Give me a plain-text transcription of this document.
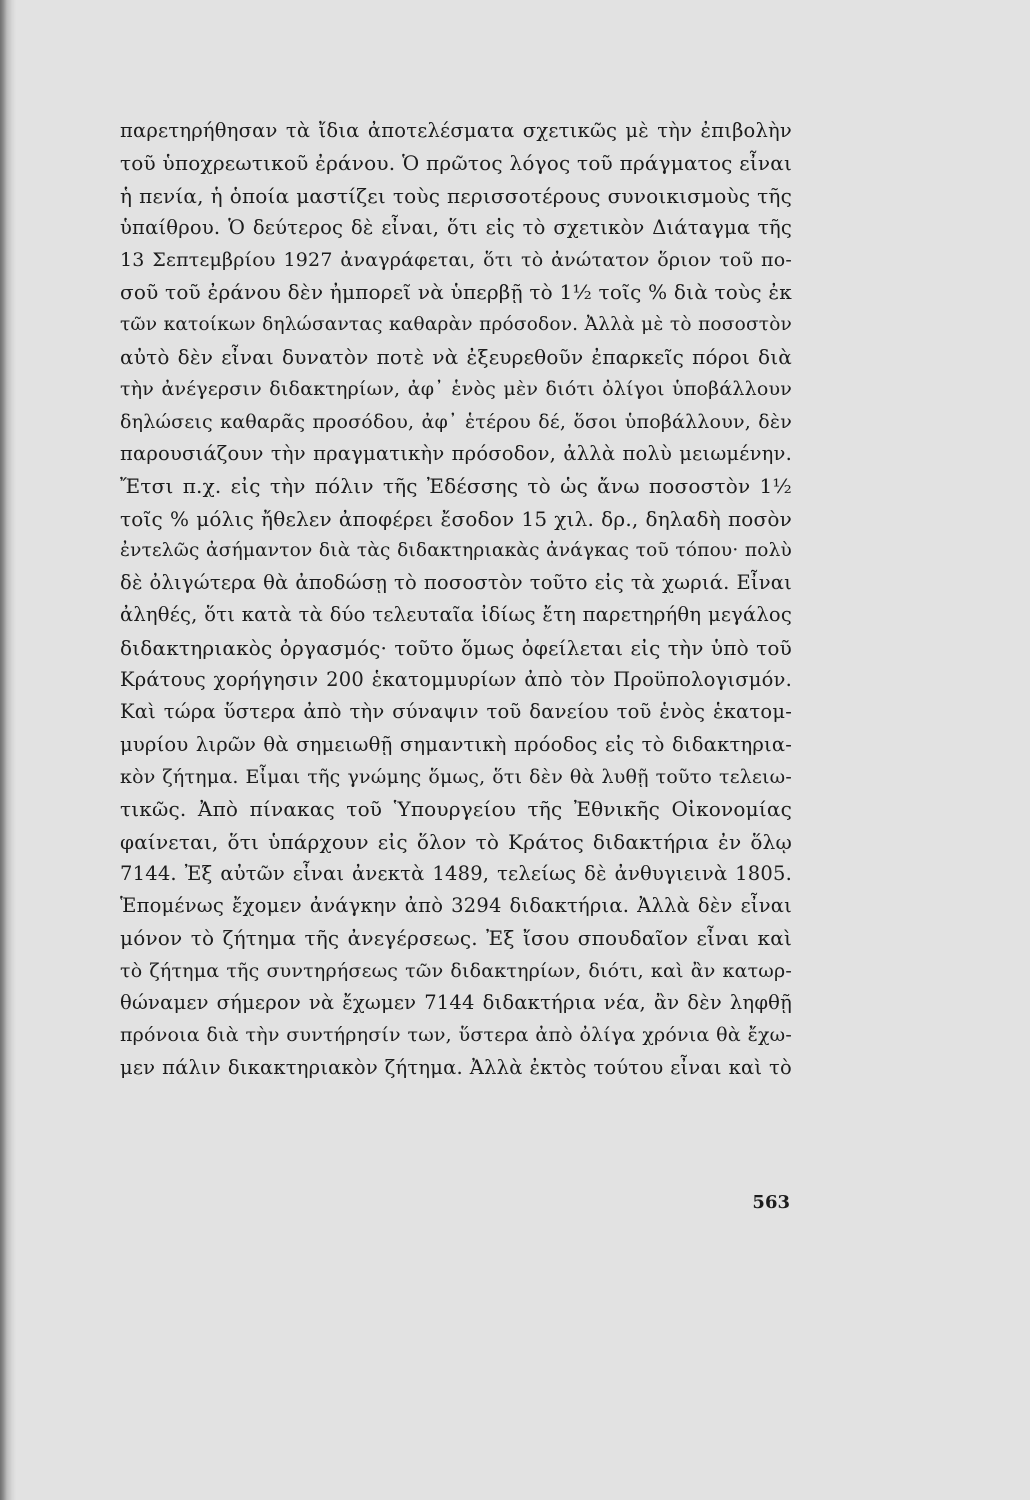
παρετηρήθησαν τὰ ἴδια ἀποτελέσματα σχετικῶς μὲ τὴν ἐπιβολὴν
τοῦ ὑποχρεωτικοῦ ἐράνου. Ὁ πρῶτος λόγος τοῦ πράγματος εἶναι
ἡ πενία, ἡ ὁποία μαστίζει τοὺς περισσοτέρους συνοικισμοὺς τῆς
ὑπαίθρου. Ὁ δεύτερος δὲ εἶναι, ὅτι εἰς τὸ σχετικὸν Διάταγμα τῆς
13 Σεπτεμβρίου 1927 ἀναγράφεται, ὅτι τὸ ἀνώτατον ὅριον τοῦ πο-
σοῦ τοῦ ἐράνου δὲν ἠμπορεῖ νὰ ὑπερβῇ τὸ 1½ τοῖς % διὰ τοὺς ἐκ
τῶν κατοίκων δηλώσαντας καθαρὰν πρόσοδον. Ἀλλὰ μὲ τὸ ποσοστὸν
αὐτὸ δὲν εἶναι δυνατὸν ποτὲ νὰ ἐξευρεθοῦν ἐπαρκεῖς πόροι διὰ
τὴν ἀνέγερσιν διδακτηρίων, ἀφ᾽ ἑνὸς μὲν διότι ὀλίγοι ὑποβάλλουν
δηλώσεις καθαρᾶς προσόδου, ἀφ᾽ ἑτέρου δέ, ὅσοι ὑποβάλλουν, δὲν
παρουσιάζουν τὴν πραγματικὴν πρόσοδον, ἀλλὰ πολὺ μειωμένην.
Ἔτσι π.χ. εἰς τὴν πόλιν τῆς Ἐδέσσης τὸ ὡς ἄνω ποσοστὸν 1½
τοῖς % μόλις ἤθελεν ἀποφέρει ἔσοδον 15 χιλ. δρ., δηλαδὴ ποσὸν
ἐντελῶς ἀσήμαντον διὰ τὰς διδακτηριακὰς ἀνάγκας τοῦ τόπου· πολὺ
δὲ ὀλιγώτερα θὰ ἀποδώσῃ τὸ ποσοστὸν τοῦτο εἰς τὰ χωριά. Εἶναι
ἀληθές, ὅτι κατὰ τὰ δύο τελευταῖα ἰδίως ἔτη παρετηρήθη μεγάλος
διδακτηριακὸς ὀργασμός· τοῦτο ὅμως ὀφείλεται εἰς τὴν ὑπὸ τοῦ
Κράτους χορήγησιν 200 ἑκατομμυρίων ἀπὸ τὸν Προϋπολογισμόν.
Καὶ τώρα ὕστερα ἀπὸ τὴν σύναψιν τοῦ δανείου τοῦ ἑνὸς ἑκατομ-
μυρίου λιρῶν θὰ σημειωθῇ σημαντικὴ πρόοδος εἰς τὸ διδακτηρια-
κὸν ζήτημα. Εἶμαι τῆς γνώμης ὅμως, ὅτι δὲν θὰ λυθῇ τοῦτο τελειω-
τικῶς. Ἀπὸ πίνακας τοῦ Ὑπουργείου τῆς Ἐθνικῆς Οἰκονομίας
φαίνεται, ὅτι ὑπάρχουν εἰς ὅλον τὸ Κράτος διδακτήρια ἐν ὅλῳ
7144. Ἐξ αὐτῶν εἶναι ἀνεκτὰ 1489, τελείως δὲ ἀνθυγιεινὰ 1805.
Ἑπομένως ἔχομεν ἀνάγκην ἀπὸ 3294 διδακτήρια. Ἀλλὰ δὲν εἶναι
μόνον τὸ ζήτημα τῆς ἀνεγέρσεως. Ἐξ ἴσου σπουδαῖον εἶναι καὶ
τὸ ζήτημα τῆς συντηρήσεως τῶν διδακτηρίων, διότι, καὶ ἂν κατωρ-
θώναμεν σήμερον νὰ ἔχωμεν 7144 διδακτήρια νέα, ἂν δὲν ληφθῇ
πρόνοια διὰ τὴν συντήρησίν των, ὕστερα ἀπὸ ὀλίγα χρόνια θὰ ἔχω-
μεν πάλιν δικακτηριακὸν ζήτημα. Ἀλλὰ ἐκτὸς τούτου εἶναι καὶ τὸ
563
